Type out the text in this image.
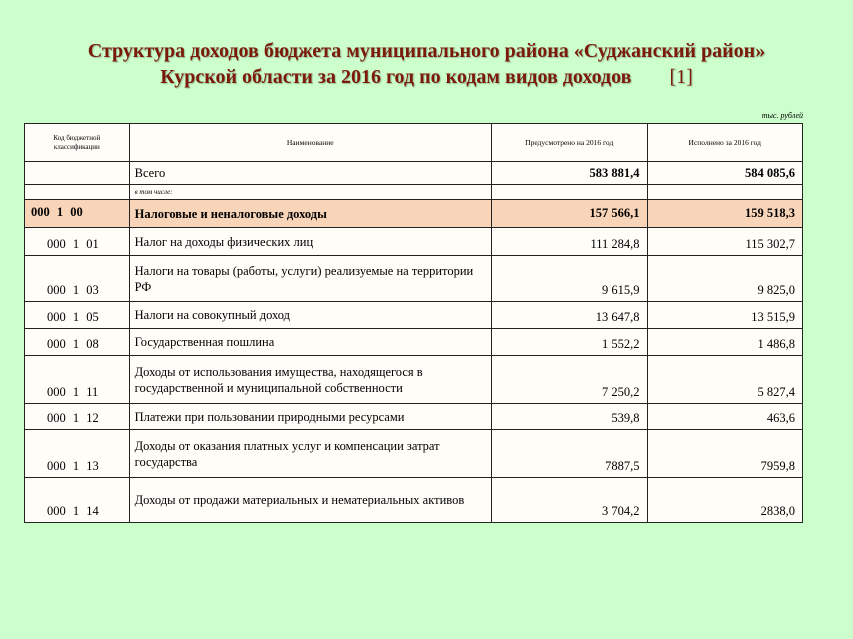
Структура доходов бюджета муниципального района «Суджанский район»
Курской области за 2016 год по кодам видов доходов [1]
тыс. рублей
Код бюджетной классификации	Наименование	Предусмотрено на 2016 год	Исполнено за 2016 год
	Всего	583 881,4	584 085,6
	в том числе:		
000 1 00	Налоговые и неналоговые доходы	157 566,1	159 518,3
000 1 01	Налог на доходы физических лиц	111 284,8	115 302,7
000 1 03	Налоги на товары (работы, услуги) реализуемые на территории РФ	9 615,9	9 825,0
000 1 05	Налоги на совокупный доход	13 647,8	13 515,9
000 1 08	Государственная пошлина	1 552,2	1 486,8
000 1 11	Доходы от использования имущества, находящегося в государственной и муниципальной собственности	7 250,2	5 827,4
000 1 12	Платежи при пользовании природными ресурсами	539,8	463,6
000 1 13	Доходы от оказания платных услуг и компенсации затрат государства	7887,5	7959,8
000 1 14	Доходы от продажи материальных и нематериальных активов	3 704,2	2838,0
